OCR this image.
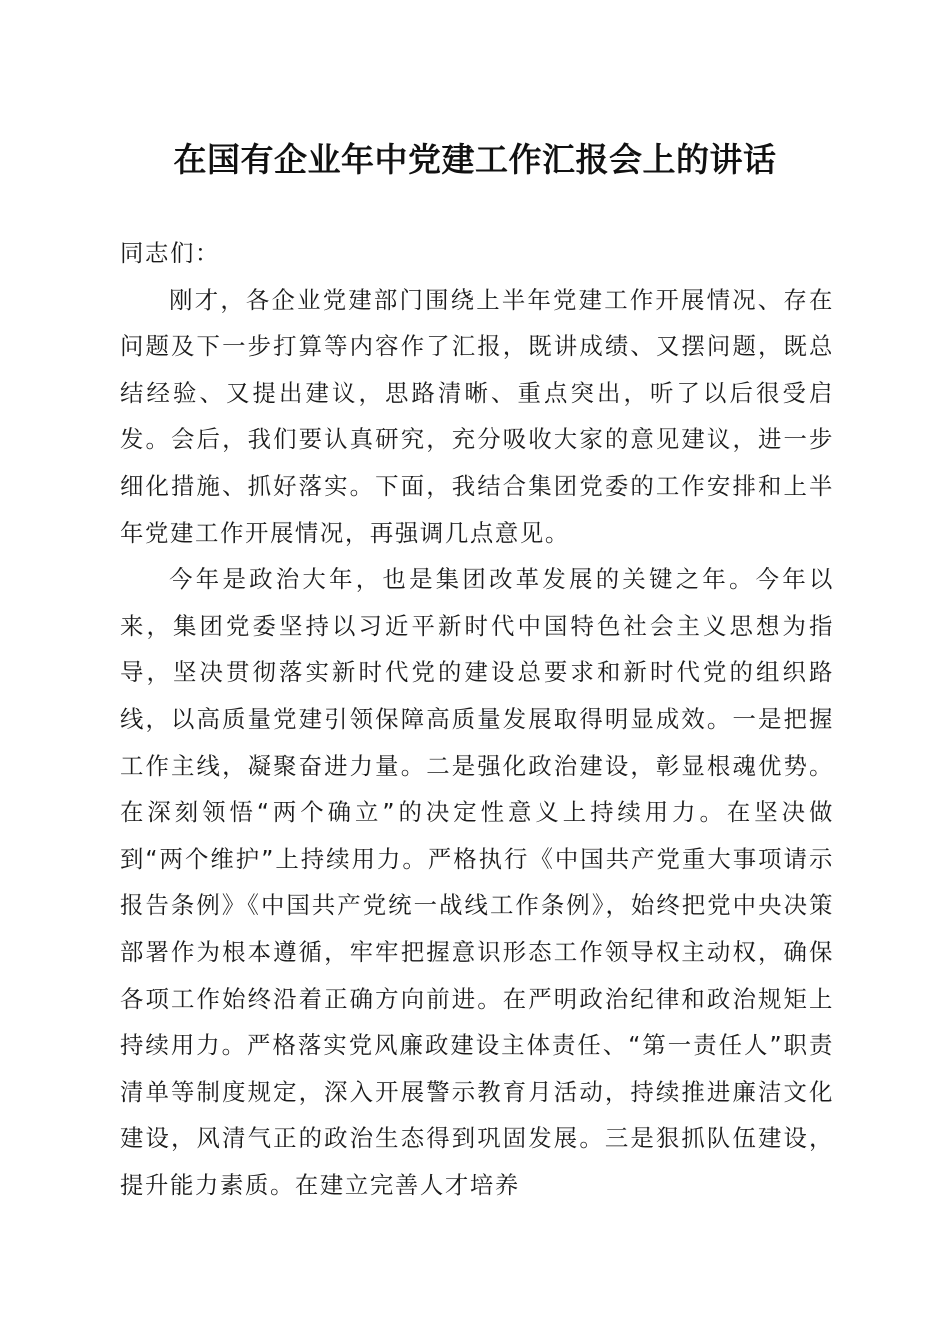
在国有企业年中党建工作汇报会上的讲话

同志们：

刚才，各企业党建部门围绕上半年党建工作开展情况、存在问题及下一步打算等内容作了汇报，既讲成绩、又摆问题，既总结经验、又提出建议，思路清晰、重点突出，听了以后很受启发。会后，我们要认真研究，充分吸收大家的意见建议，进一步细化措施、抓好落实。下面，我结合集团党委的工作安排和上半年党建工作开展情况，再强调几点意见。

今年是政治大年，也是集团改革发展的关键之年。今年以来，集团党委坚持以习近平新时代中国特色社会主义思想为指导，坚决贯彻落实新时代党的建设总要求和新时代党的组织路线，以高质量党建引领保障高质量发展取得明显成效。一是把握工作主线，凝聚奋进力量。二是强化政治建设，彰显根魂优势。在深刻领悟“两个确立”的决定性意义上持续用力。在坚决做到“两个维护”上持续用力。严格执行《中国共产党重大事项请示报告条例》《中国共产党统一战线工作条例》，始终把党中央决策部署作为根本遵循，牢牢把握意识形态工作领导权主动权，确保各项工作始终沿着正确方向前进。在严明政治纪律和政治规矩上持续用力。严格落实党风廉政建设主体责任、“第一责任人”职责清单等制度规定，深入开展警示教育月活动，持续推进廉洁文化建设，风清气正的政治生态得到巩固发展。三是狠抓队伍建设，提升能力素质。在建立完善人才培养
